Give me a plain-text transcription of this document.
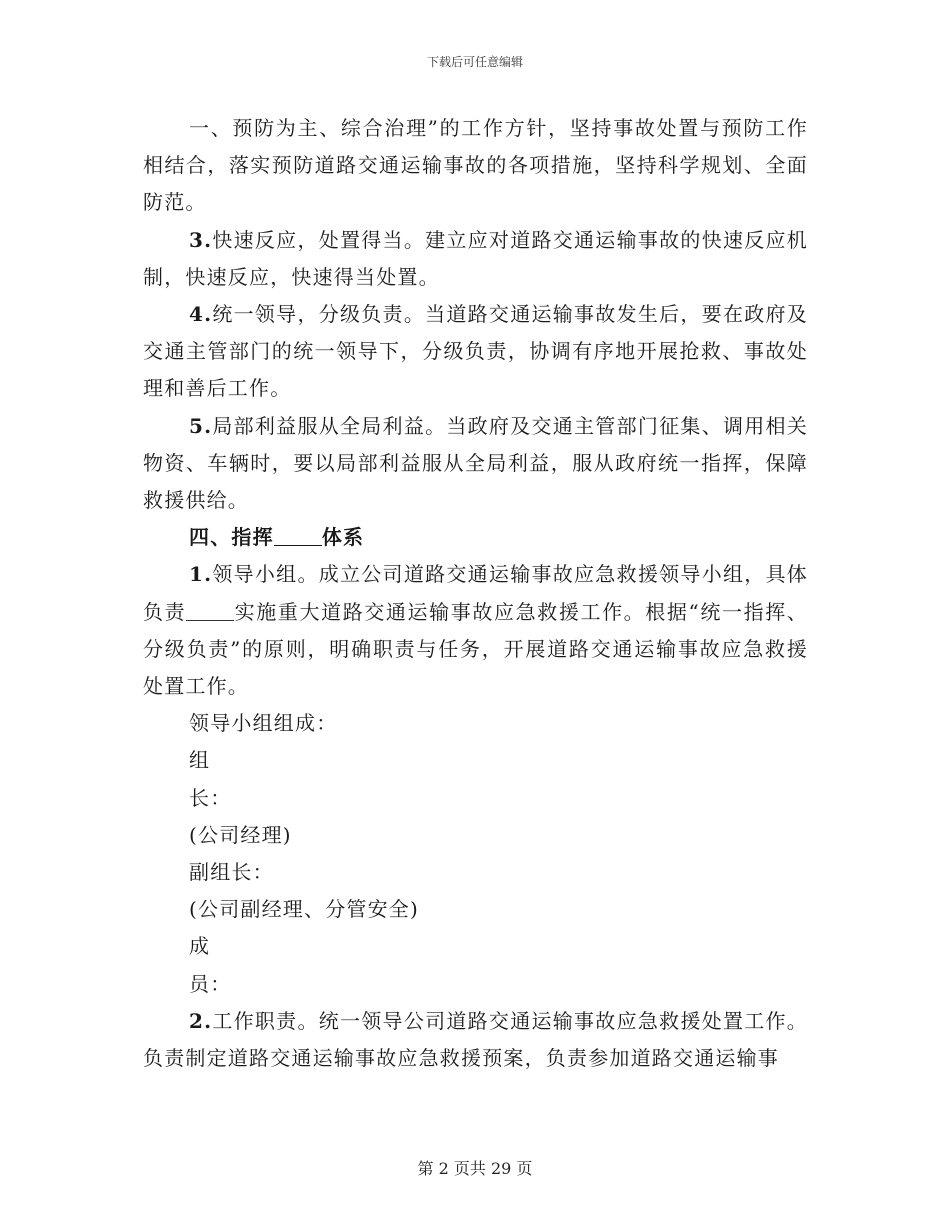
下载后可任意编辑

一、预防为主、综合治理”的工作方针，坚持事故处置与预防工作相结合，落实预防道路交通运输事故的各项措施，坚持科学规划、全面防范。

3.快速反应，处置得当。建立应对道路交通运输事故的快速反应机制，快速反应，快速得当处置。

4.统一领导，分级负责。当道路交通运输事故发生后，要在政府及交通主管部门的统一领导下，分级负责，协调有序地开展抢救、事故处理和善后工作。

5.局部利益服从全局利益。当政府及交通主管部门征集、调用相关物资、车辆时，要以局部利益服从全局利益，服从政府统一指挥，保障救援供给。

四、指挥 体系

1.领导小组。成立公司道路交通运输事故应急救援领导小组，具体负责 实施重大道路交通运输事故应急救援工作。根据“统一指挥、分级负责”的原则，明确职责与任务，开展道路交通运输事故应急救援处置工作。

领导小组组成：

组

长：

(公司经理)

副组长：

(公司副经理、分管安全)

成

员：

2.工作职责。统一领导公司道路交通运输事故应急救援处置工作。负责制定道路交通运输事故应急救援预案，负责参加道路交通运输事

第 2 页共 29 页
